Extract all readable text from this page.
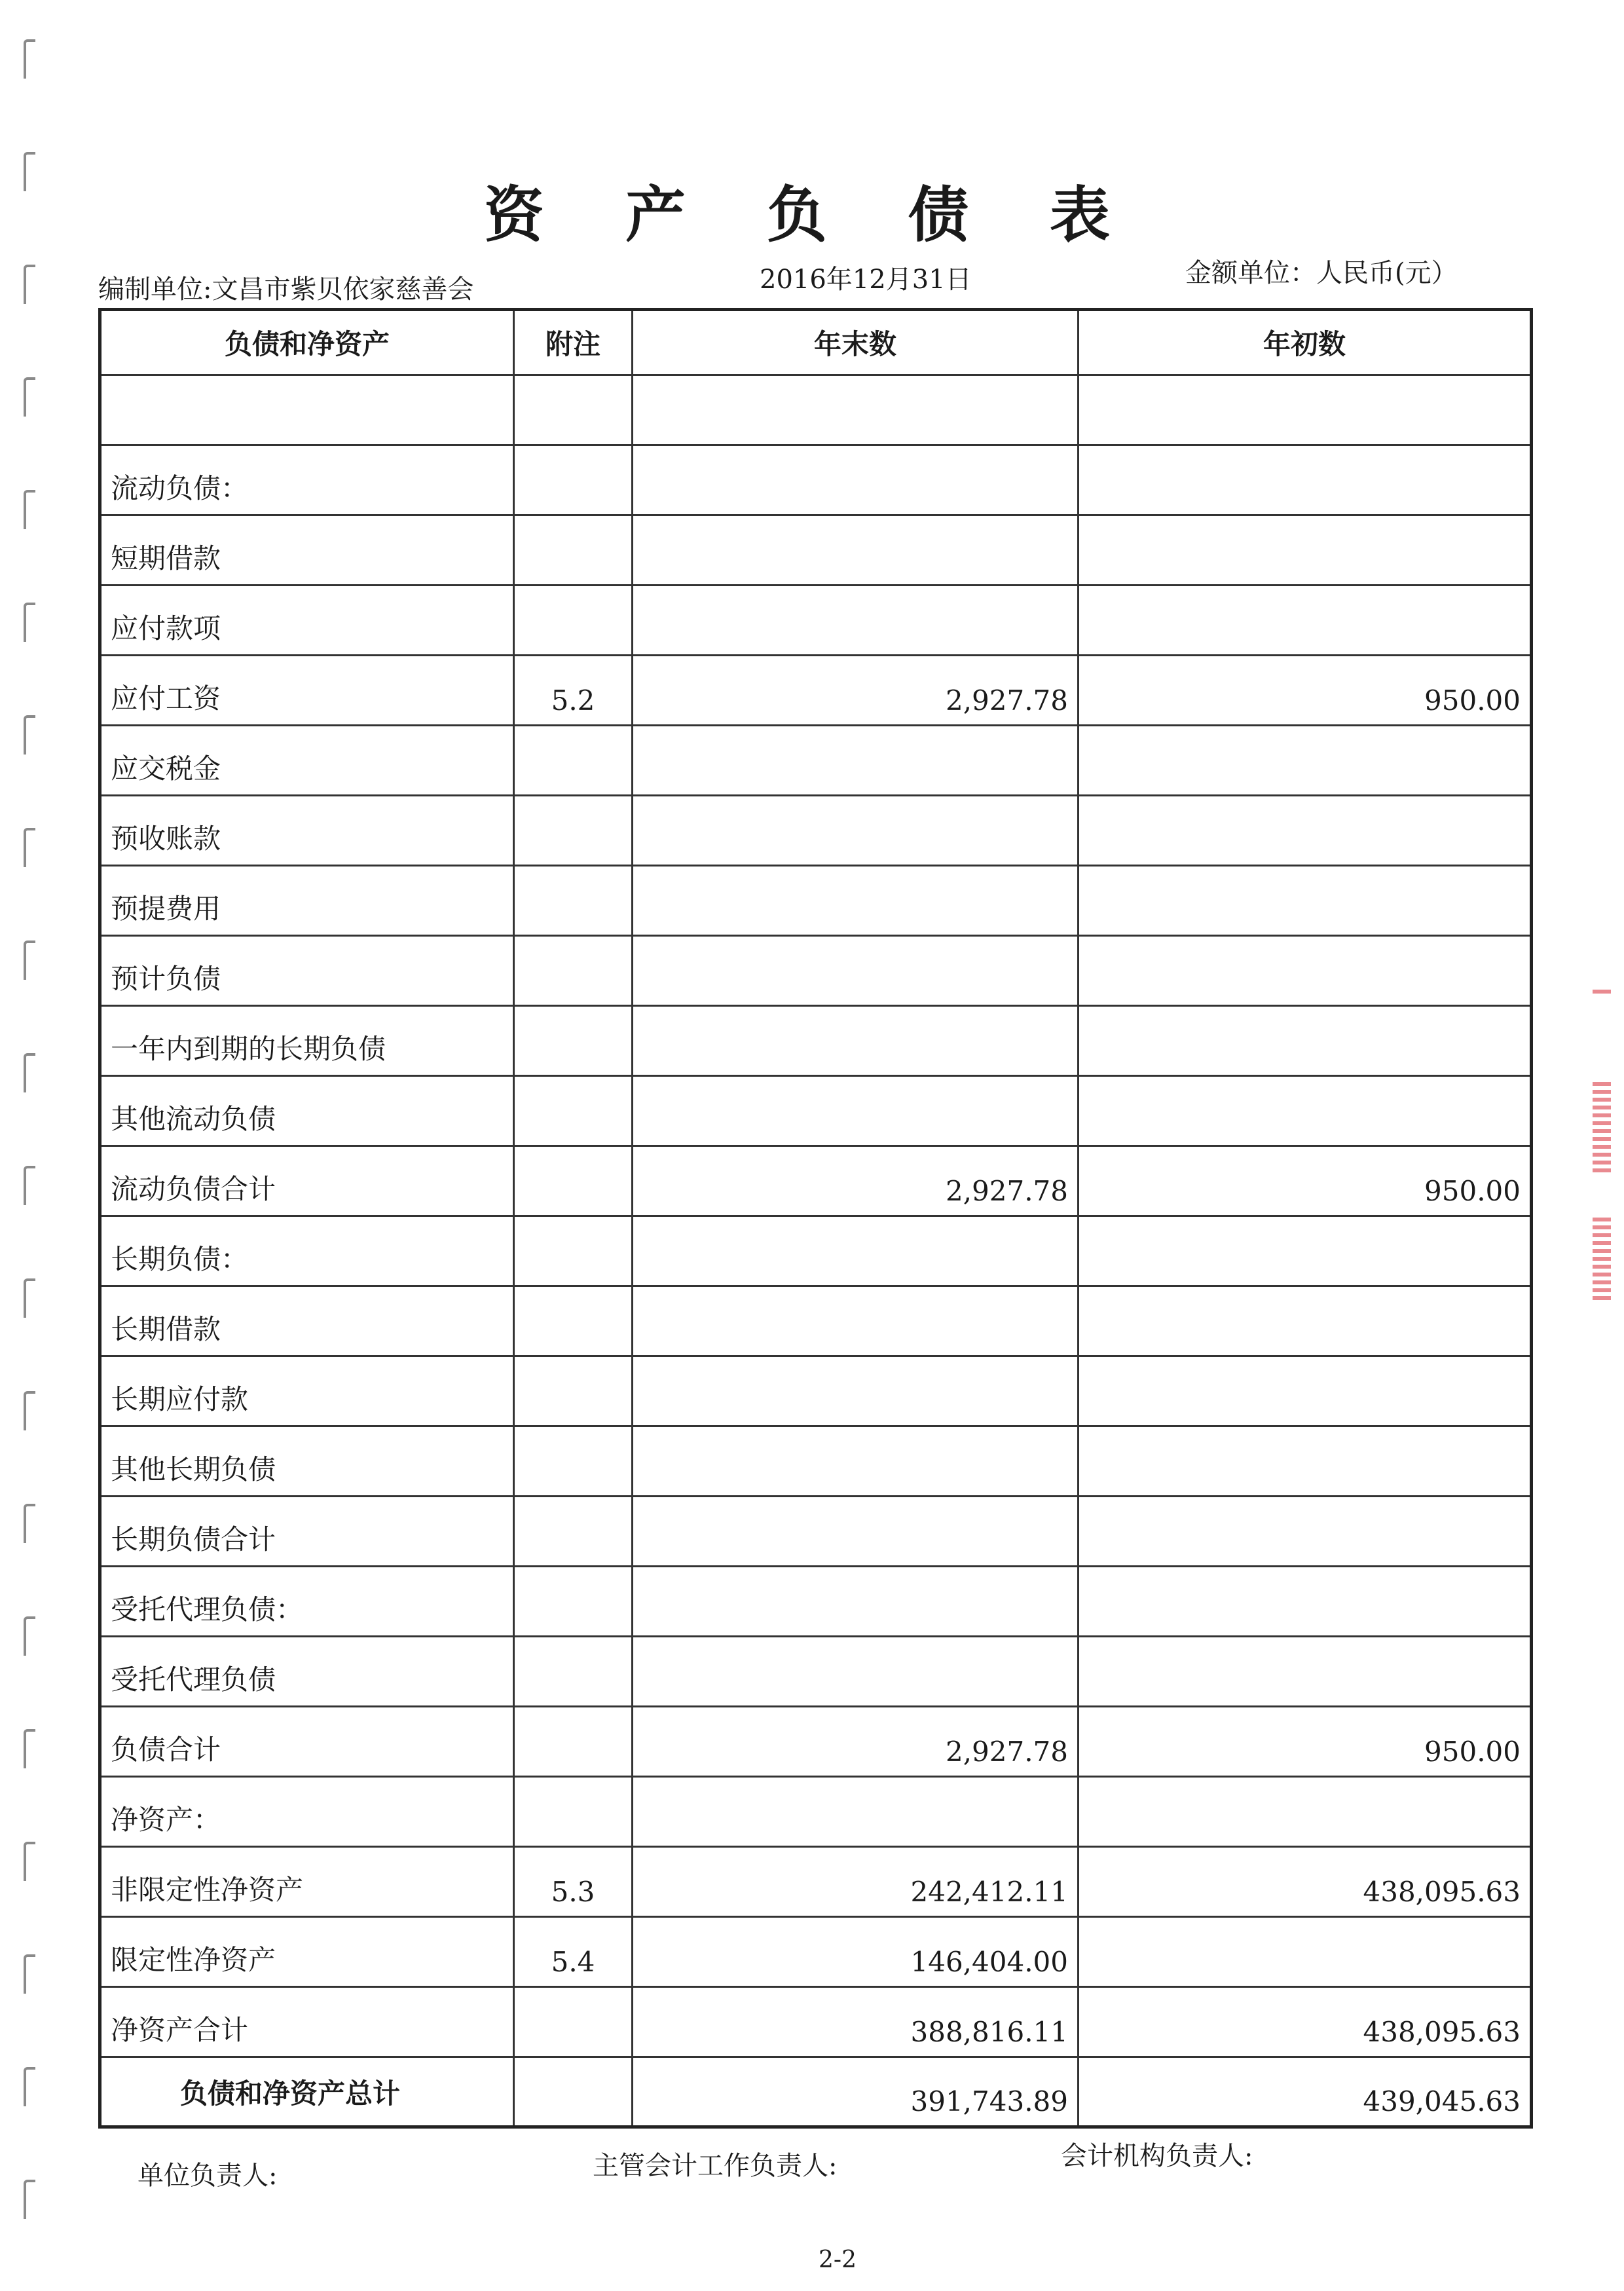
资 产 负 债 表
编制单位:文昌市紫贝依家慈善会	2016年12月31日	金额单位：人民币(元）
负债和净资产	附注	年末数	年初数

流动负债：			
短期借款			
应付款项			
应付工资	5.2	2,927.78	950.00
应交税金			
预收账款			
预提费用			
预计负债			
一年内到期的长期负债			
其他流动负债			
流动负债合计		2,927.78	950.00
长期负债：			
长期借款			
长期应付款			
其他长期负债			
长期负债合计			
受托代理负债：			
受托代理负债			
负债合计		2,927.78	950.00
净资产：			
非限定性净资产	5.3	242,412.11	438,095.63
限定性净资产	5.4	146,404.00	
净资产合计		388,816.11	438,095.63
负债和净资产总计		391,743.89	439,045.63
单位负责人:	主管会计工作负责人:	会计机构负责人:
2-2
